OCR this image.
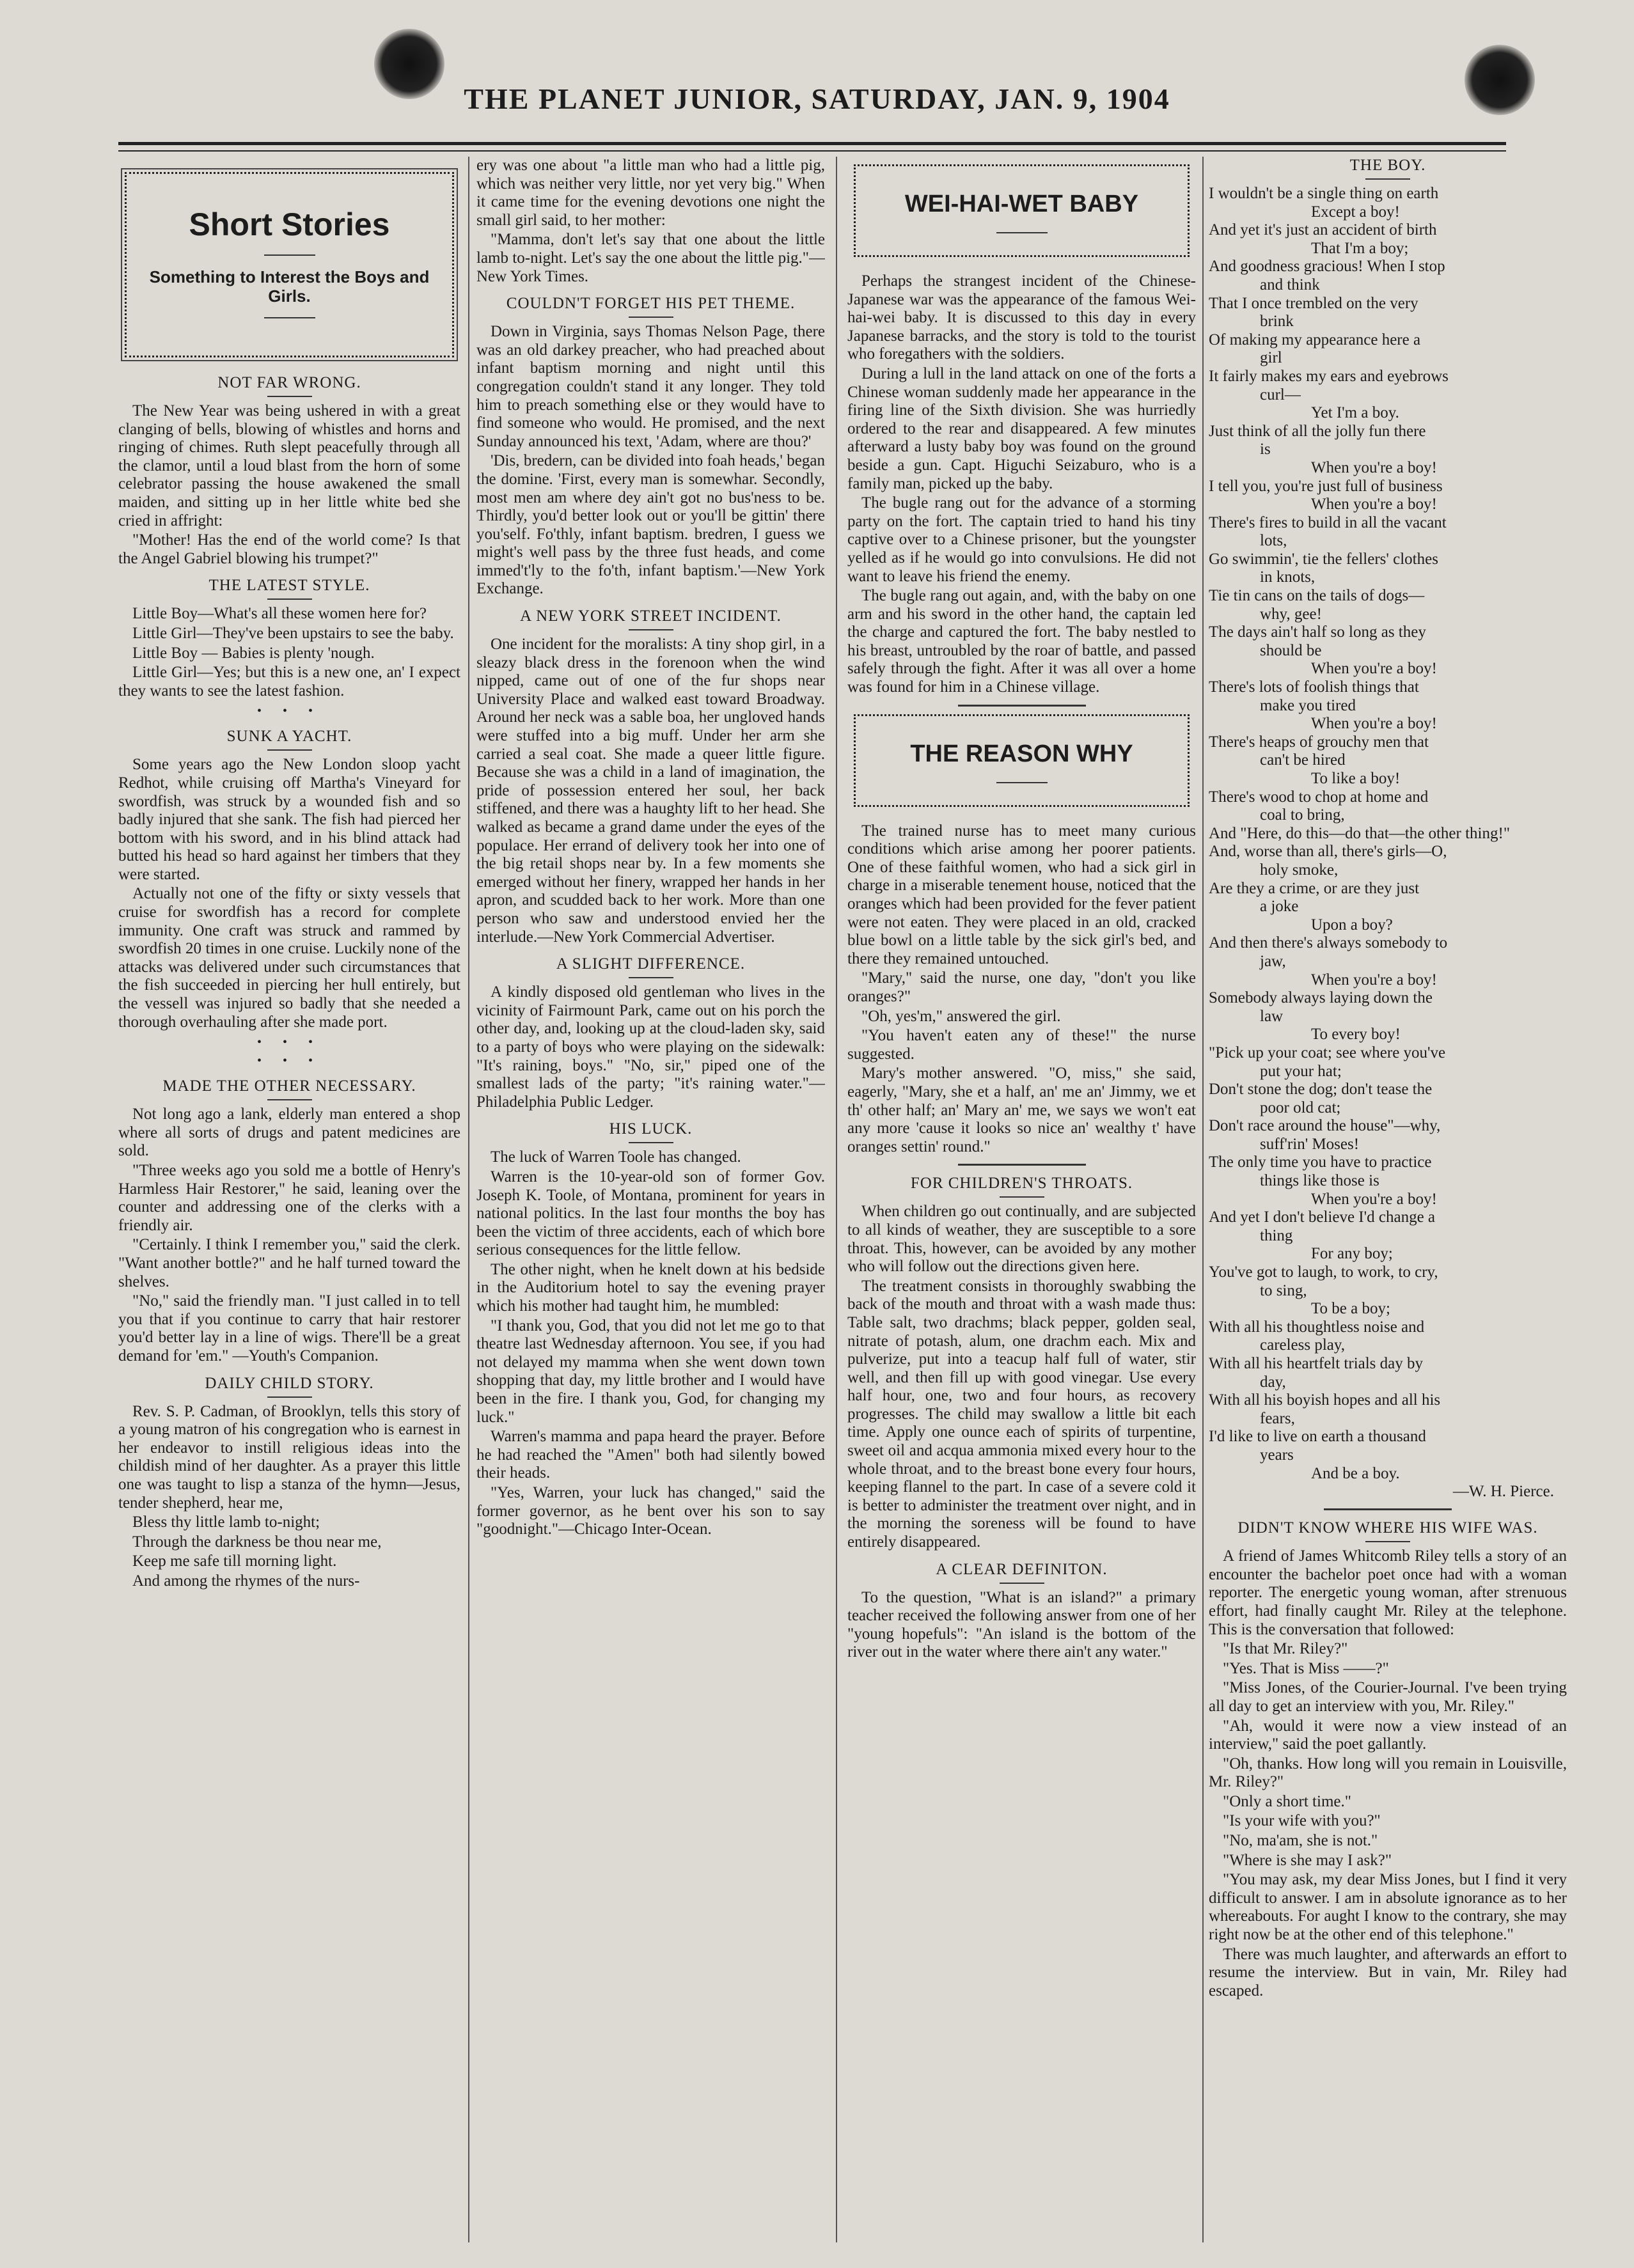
THE PLANET JUNIOR, SATURDAY, JAN. 9, 1904
Short Stories
Something to Interest the Boys and Girls.
NOT FAR WRONG.

The New Year was being ushered in with a great clanging of bells, blowing of whistles and horns and ringing of chimes. Ruth slept peacefully through all the clamor, until a loud blast from the horn of some celebrator passing the house awakened the small maiden, and sitting up in her little white bed she cried in affright:

"Mother! Has the end of the world come? Is that the Angel Gabriel blowing his trumpet?"

THE LATEST STYLE.

Little Boy—What's all these women here for?

Little Girl—They've been upstairs to see the baby.

Little Boy — Babies is plenty 'nough.

Little Girl—Yes; but this is a new one, an' I expect they wants to see the latest fashion.

• • •
SUNK A YACHT.

Some years ago the New London sloop yacht Redhot, while cruising off Martha's Vineyard for swordfish, was struck by a wounded fish and so badly injured that she sank. The fish had pierced her bottom with his sword, and in his blind attack had butted his head so hard against her timbers that they were started.

Actually not one of the fifty or sixty vessels that cruise for swordfish has a record for complete immunity. One craft was struck and rammed by swordfish 20 times in one cruise. Luckily none of the attacks was delivered under such circumstances that the fish succeeded in piercing her hull entirely, but the vessell was injured so badly that she needed a thorough overhauling after she made port.

• • •
• • •
MADE THE OTHER NECESSARY.

Not long ago a lank, elderly man entered a shop where all sorts of drugs and patent medicines are sold.

"Three weeks ago you sold me a bottle of Henry's Harmless Hair Restorer," he said, leaning over the counter and addressing one of the clerks with a friendly air.

"Certainly. I think I remember you," said the clerk. "Want another bottle?" and he half turned toward the shelves.

"No," said the friendly man. "I just called in to tell you that if you continue to carry that hair restorer you'd better lay in a line of wigs. There'll be a great demand for 'em." —Youth's Companion.

DAILY CHILD STORY.

Rev. S. P. Cadman, of Brooklyn, tells this story of a young matron of his congregation who is earnest in her endeavor to instill religious ideas into the childish mind of her daughter. As a prayer this little one was taught to lisp a stanza of the hymn—Jesus, tender shepherd, hear me,

Bless thy little lamb to-night;

Through the darkness be thou near me,

Keep me safe till morning light.

And among the rhymes of the nurs-

ery was one about "a little man who had a little pig, which was neither very little, nor yet very big." When it came time for the evening devotions one night the small girl said, to her mother:

"Mamma, don't let's say that one about the little lamb to-night. Let's say the one about the little pig."—New York Times.

COULDN'T FORGET HIS PET THEME.

Down in Virginia, says Thomas Nelson Page, there was an old darkey preacher, who had preached about infant baptism morning and night until this congregation couldn't stand it any longer. They told him to preach something else or they would have to find someone who would. He promised, and the next Sunday announced his text, 'Adam, where are thou?'

'Dis, bredern, can be divided into foah heads,' began the domine. 'First, every man is somewhar. Secondly, most men am where dey ain't got no bus'ness to be. Thirdly, you'd better look out or you'll be gittin' there you'self. Fo'thly, infant baptism. bredren, I guess we might's well pass by the three fust heads, and come immed't'ly to the fo'th, infant baptism.'—New York Exchange.

A NEW YORK STREET INCIDENT.

One incident for the moralists: A tiny shop girl, in a sleazy black dress in the forenoon when the wind nipped, came out of one of the fur shops near University Place and walked east toward Broadway. Around her neck was a sable boa, her ungloved hands were stuffed into a big muff. Under her arm she carried a seal coat. She made a queer little figure. Because she was a child in a land of imagination, the pride of possession entered her soul, her back stiffened, and there was a haughty lift to her head. She walked as became a grand dame under the eyes of the populace. Her errand of delivery took her into one of the big retail shops near by. In a few moments she emerged without her finery, wrapped her hands in her apron, and scudded back to her work. More than one person who saw and understood envied her the interlude.—New York Commercial Advertiser.

A SLIGHT DIFFERENCE.

A kindly disposed old gentleman who lives in the vicinity of Fairmount Park, came out on his porch the other day, and, looking up at the cloud-laden sky, said to a party of boys who were playing on the sidewalk: "It's raining, boys." "No, sir," piped one of the smallest lads of the party; "it's raining water."—Philadelphia Public Ledger.

HIS LUCK.

The luck of Warren Toole has changed.

Warren is the 10-year-old son of former Gov. Joseph K. Toole, of Montana, prominent for years in national politics. In the last four months the boy has been the victim of three accidents, each of which bore serious consequences for the little fellow.

The other night, when he knelt down at his bedside in the Auditorium hotel to say the evening prayer which his mother had taught him, he mumbled:

"I thank you, God, that you did not let me go to that theatre last Wednesday afternoon. You see, if you had not delayed my mamma when she went down town shopping that day, my little brother and I would have been in the fire. I thank you, God, for changing my luck."

Warren's mamma and papa heard the prayer. Before he had reached the "Amen" both had silently bowed their heads.

"Yes, Warren, your luck has changed," said the former governor, as he bent over his son to say "goodnight."—Chicago Inter-Ocean.

WEI-HAI-WET BABY

Perhaps the strangest incident of the Chinese-Japanese war was the appearance of the famous Wei-hai-wei baby. It is discussed to this day in every Japanese barracks, and the story is told to the tourist who foregathers with the soldiers.

During a lull in the land attack on one of the forts a Chinese woman suddenly made her appearance in the firing line of the Sixth division. She was hurriedly ordered to the rear and disappeared. A few minutes afterward a lusty baby boy was found on the ground beside a gun. Capt. Higuchi Seizaburo, who is a family man, picked up the baby.

The bugle rang out for the advance of a storming party on the fort. The captain tried to hand his tiny captive over to a Chinese prisoner, but the youngster yelled as if he would go into convulsions. He did not want to leave his friend the enemy.

The bugle rang out again, and, with the baby on one arm and his sword in the other hand, the captain led the charge and captured the fort. The baby nestled to his breast, untroubled by the roar of battle, and passed safely through the fight. After it was all over a home was found for him in a Chinese village.

THE REASON WHY

The trained nurse has to meet many curious conditions which arise among her poorer patients. One of these faithful women, who had a sick girl in charge in a miserable tenement house, noticed that the oranges which had been provided for the fever patient were not eaten. They were placed in an old, cracked blue bowl on a little table by the sick girl's bed, and there they remained untouched.

"Mary," said the nurse, one day, "don't you like oranges?"

"Oh, yes'm," answered the girl.

"You haven't eaten any of these!" the nurse suggested.

Mary's mother answered. "O, miss," she said, eagerly, "Mary, she et a half, an' me an' Jimmy, we et th' other half; an' Mary an' me, we says we won't eat any more 'cause it looks so nice an' wealthy t' have oranges settin' round."

FOR CHILDREN'S THROATS.

When children go out continually, and are subjected to all kinds of weather, they are susceptible to a sore throat. This, however, can be avoided by any mother who will follow out the directions given here.

The treatment consists in thoroughly swabbing the back of the mouth and throat with a wash made thus: Table salt, two drachms; black pepper, golden seal, nitrate of potash, alum, one drachm each. Mix and pulverize, put into a teacup half full of water, stir well, and then fill up with good vinegar. Use every half hour, one, two and four hours, as recovery progresses. The child may swallow a little bit each time. Apply one ounce each of spirits of turpentine, sweet oil and acqua ammonia mixed every hour to the whole throat, and to the breast bone every four hours, keeping flannel to the part. In case of a severe cold it is better to administer the treatment over night, and in the morning the soreness will be found to have entirely disappeared.

A CLEAR DEFINITON.

To the question, "What is an island?" a primary teacher received the following answer from one of her "young hopefuls": "An island is the bottom of the river out in the water where there ain't any water."

THE BOY.
I wouldn't be a single thing on earth
Except a boy!
And yet it's just an accident of birth
That I'm a boy;
And goodness gracious! When I stop
and think
That I once trembled on the very
brink
Of making my appearance here a
girl
It fairly makes my ears and eyebrows
curl—
Yet I'm a boy.
Just think of all the jolly fun there
is
When you're a boy!
I tell you, you're just full of business
When you're a boy!
There's fires to build in all the vacant
lots,
Go swimmin', tie the fellers' clothes
in knots,
Tie tin cans on the tails of dogs—
why, gee!
The days ain't half so long as they
should be
When you're a boy!
There's lots of foolish things that
make you tired
When you're a boy!
There's heaps of grouchy men that
can't be hired
To like a boy!
There's wood to chop at home and
coal to bring,
And "Here, do this—do that—the other thing!"
And, worse than all, there's girls—O,
holy smoke,
Are they a crime, or are they just
a joke
Upon a boy?
And then there's always somebody to
jaw,
When you're a boy!
Somebody always laying down the
law
To every boy!
"Pick up your coat; see where you've
put your hat;
Don't stone the dog; don't tease the
poor old cat;
Don't race around the house"—why,
suff'rin' Moses!
The only time you have to practice
things like those is
When you're a boy!
And yet I don't believe I'd change a
thing
For any boy;
You've got to laugh, to work, to cry,
to sing,
To be a boy;
With all his thoughtless noise and
careless play,
With all his heartfelt trials day by
day,
With all his boyish hopes and all his
fears,
I'd like to live on earth a thousand
years
And be a boy.
—W. H. Pierce.
DIDN'T KNOW WHERE HIS WIFE WAS.

A friend of James Whitcomb Riley tells a story of an encounter the bachelor poet once had with a woman reporter. The energetic young woman, after strenuous effort, had finally caught Mr. Riley at the telephone. This is the conversation that followed:

"Is that Mr. Riley?"

"Yes. That is Miss ——?"

"Miss Jones, of the Courier-Journal. I've been trying all day to get an interview with you, Mr. Riley."

"Ah, would it were now a view instead of an interview," said the poet gallantly.

"Oh, thanks. How long will you remain in Louisville, Mr. Riley?"

"Only a short time."

"Is your wife with you?"

"No, ma'am, she is not."

"Where is she may I ask?"

"You may ask, my dear Miss Jones, but I find it very difficult to answer. I am in absolute ignorance as to her whereabouts. For aught I know to the contrary, she may right now be at the other end of this telephone."

There was much laughter, and afterwards an effort to resume the interview. But in vain, Mr. Riley had escaped.
